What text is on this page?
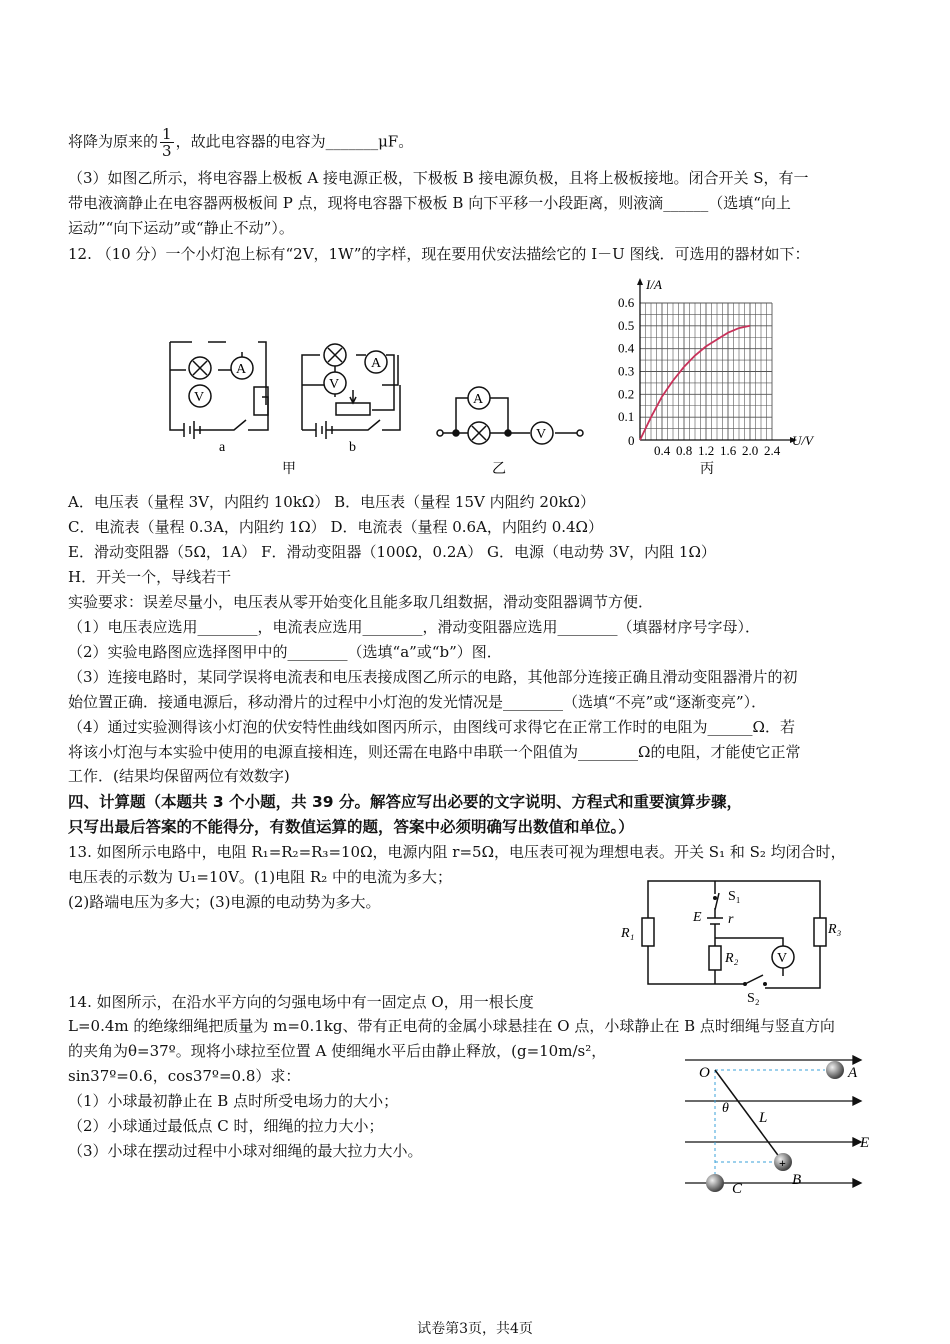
将降为原来的 $\frac{1}{3}$ ，故此电容器的电容为_______μF。
（3）如图乙所示，将电容器上极板 A 接电源正极，下极板 B 接电源负极，且将上极板接地。闭合开关 S，有一
带电液滴静止在电容器两极板间 P 点，现将电容器下极板 B 向下平移一小段距离，则液滴______（选填“向上
运动”“向下运动”或“静止不动”）。
12. （10 分）一个小灯泡上标有“2V，1W”的字样，现在要用伏安法描绘它的 I－U 图线．可选用的器材如下：
A
V
a
A
V
b
甲
A
V
乙
0.4 0.8 1.2 1.6 2.0 2.4
0.1
0.2
0.3
0.4
0.5
0.6
0	U/V
I/A
丙
A．电压表（量程 3V，内阻约 10kΩ） B．电压表（量程 15V 内阻约 20kΩ）
C．电流表（量程 0.3A，内阻约 1Ω） D．电流表（量程 0.6A，内阻约 0.4Ω）
E．滑动变阻器（5Ω，1A） F．滑动变阻器（100Ω，0.2A） G．电源（电动势 3V，内阻 1Ω）
H．开关一个，导线若干
实验要求：误差尽量小，电压表从零开始变化且能多取几组数据，滑动变阻器调节方便．
（1）电压表应选用________，电流表应选用________，滑动变阻器应选用________（填器材序号字母）．
（2）实验电路图应选择图甲中的________（选填“a”或“b”）图．
（3）连接电路时，某同学误将电流表和电压表接成图乙所示的电路，其他部分连接正确且滑动变阻器滑片的初
始位置正确．接通电源后，移动滑片的过程中小灯泡的发光情况是________（选填“不亮”或“逐渐变亮”）．
（4）通过实验测得该小灯泡的伏安特性曲线如图丙所示，由图线可求得它在正常工作时的电阻为______Ω．若
将该小灯泡与本实验中使用的电源直接相连，则还需在电路中串联一个阻值为________Ω的电阻，才能使它正常
工作．(结果均保留两位有效数字)
四、计算题（本题共 3 个小题，共 39 分。解答应写出必要的文字说明、方程式和重要演算步骤，
只写出最后答案的不能得分，有数值运算的题，答案中必须明确写出数值和单位。）
13. 如图所示电路中，电阻 R₁=R₂=R₃=10Ω，电源内阻 r=5Ω，电压表可视为理想电表。开关 S₁ 和 S₂ 均闭合时，
电压表的示数为 U₁=10V。(1)电阻 R₂ 中的电流为多大；
(2)路端电压为多大；(3)电源的电动势为多大。	S₁
E r
R₁
R₂
R₃
V
S₂
14. 如图所示，在沿水平方向的匀强电场中有一固定点 O，用一根长度
L=0.4m 的绝缘细绳把质量为 m=0.1kg、带有正电荷的金属小球悬挂在 O 点，小球静止在 B 点时细绳与竖直方向
的夹角为θ=37º。现将小球拉至位置 A 使细绳水平后由静止释放，(g=10m/s²，
sin37º=0.6，cos37º=0.8）求：
（1）小球最初静止在 B 点时所受电场力的大小；
（2）小球通过最低点 C 时，细绳的拉力大小；
（3）小球在摆动过程中小球对细绳的最大拉力大小。
+
O	A
B
C
E
L
θ
试卷第3页，共4页
